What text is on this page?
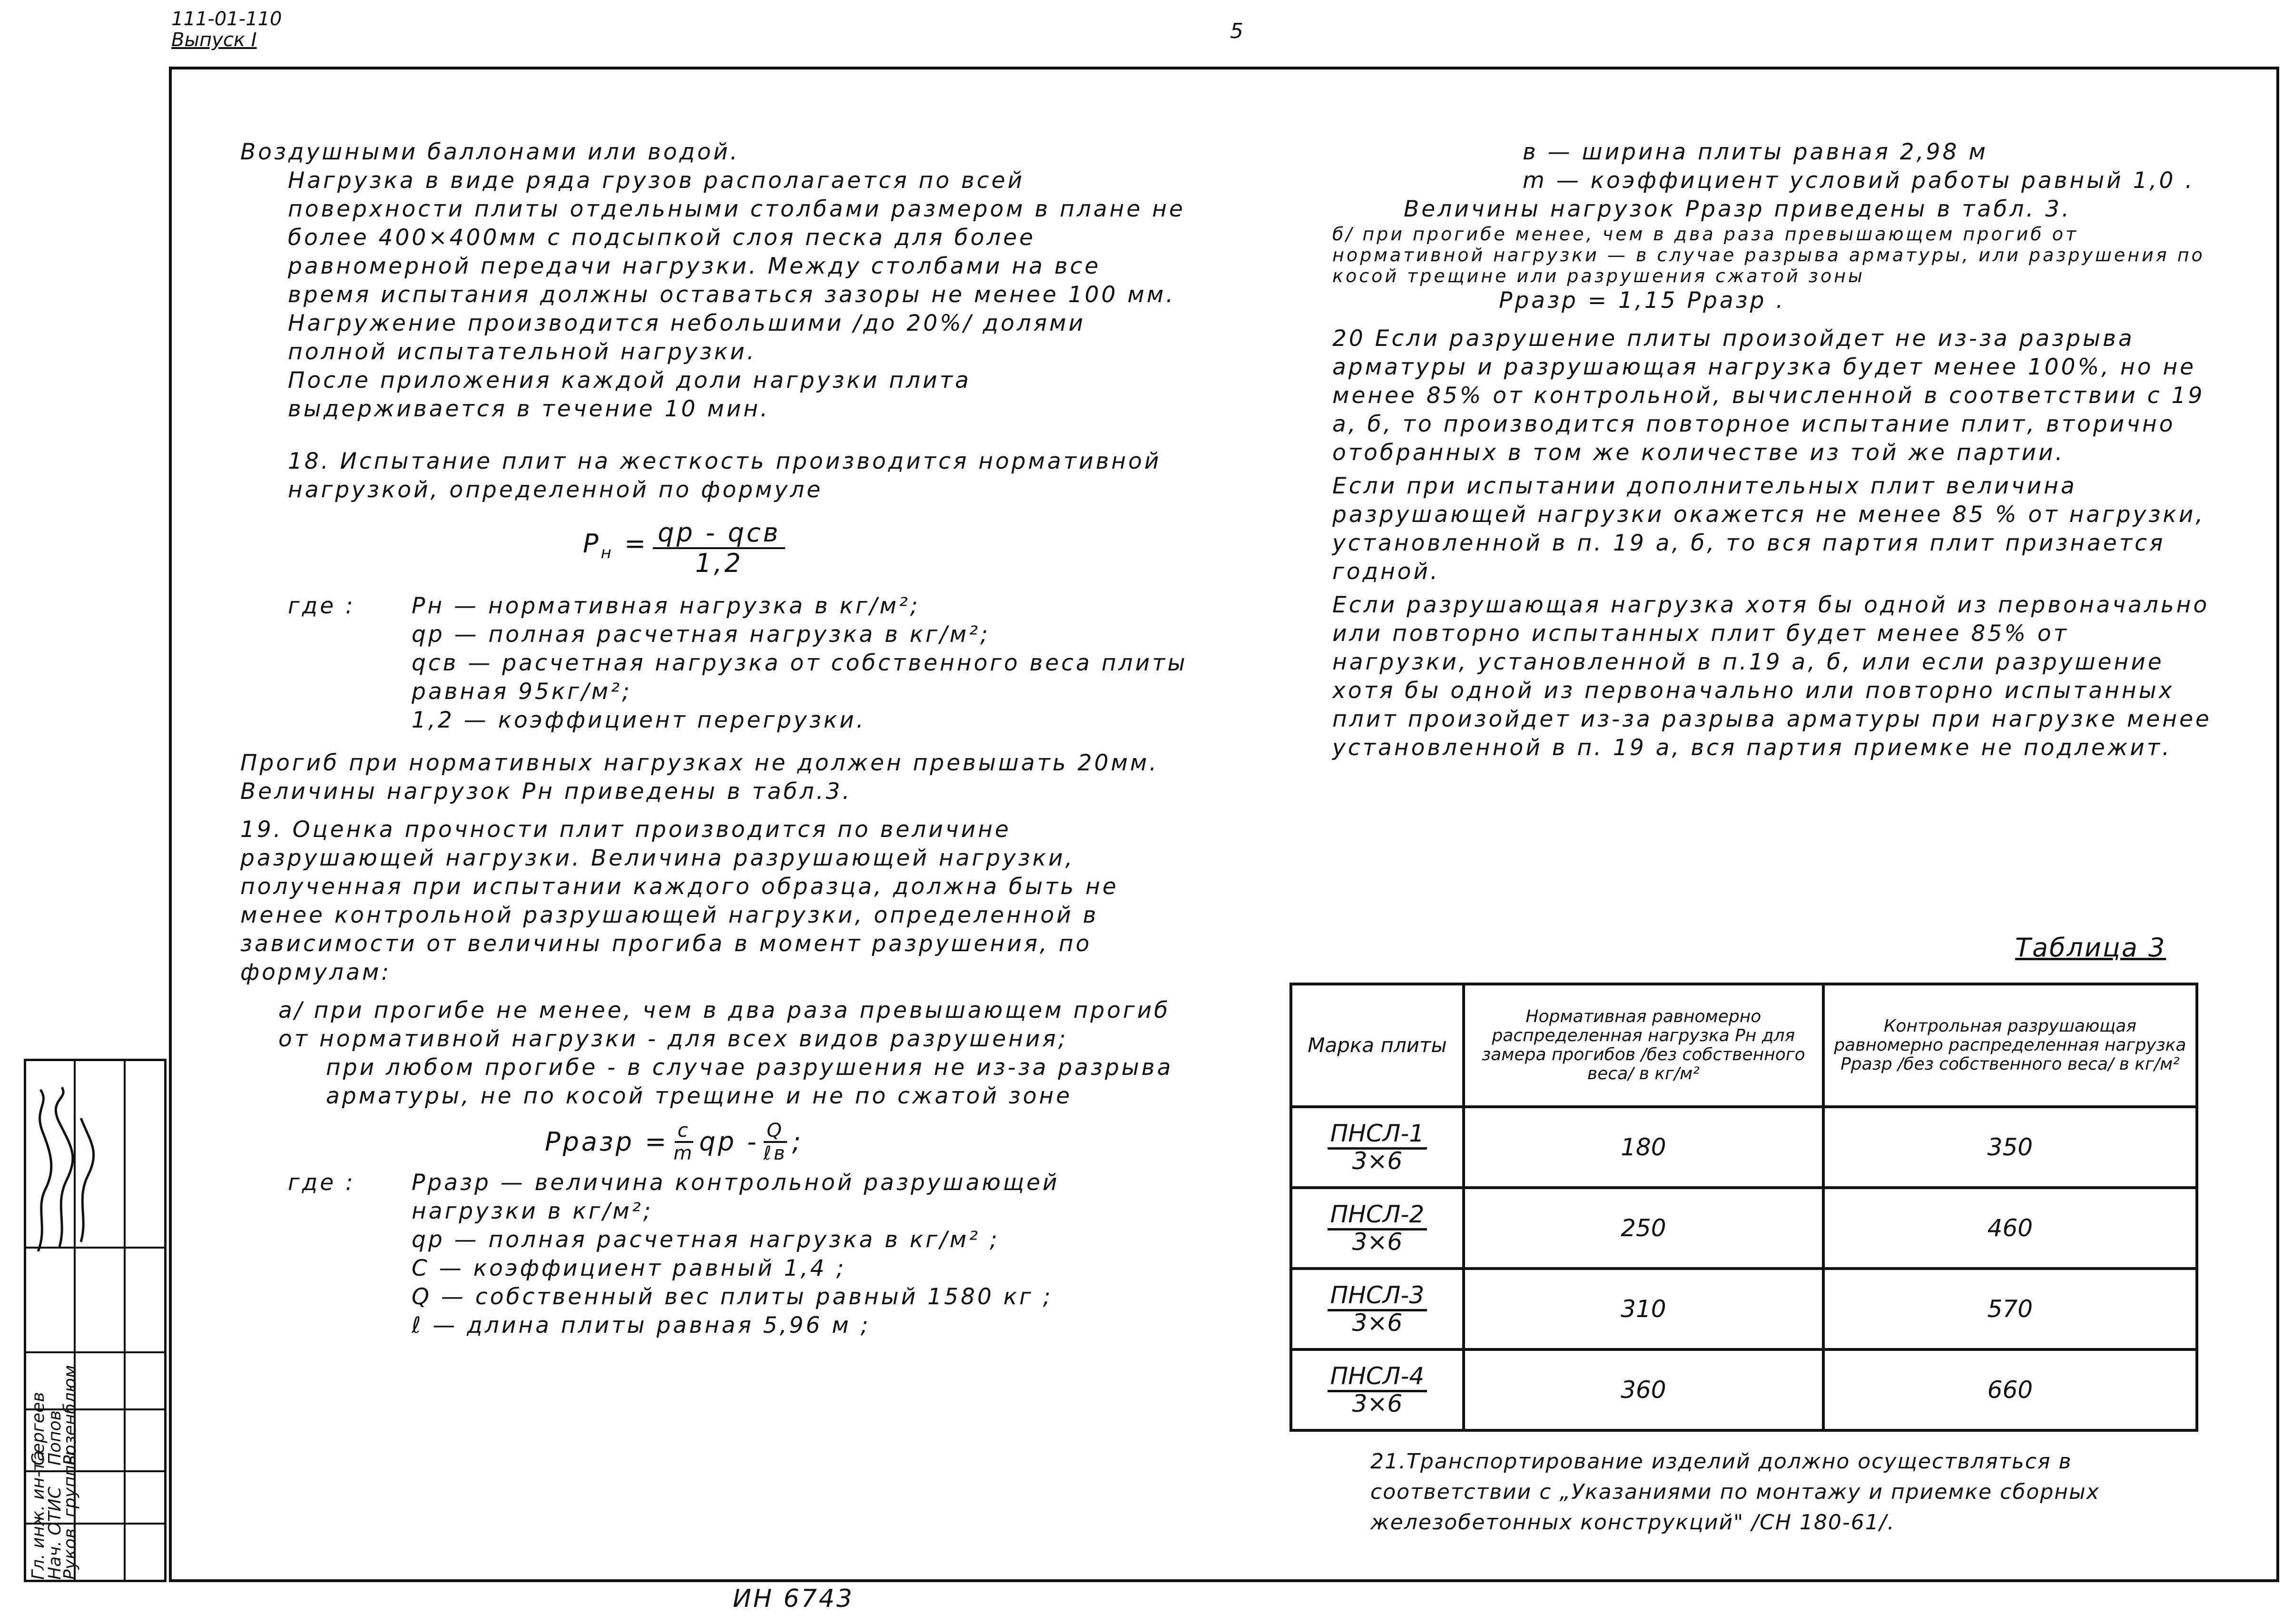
111-01-110
Выпуск I	5

Воздушными баллонами или водой.

Нагрузка в виде ряда грузов располагается по всей поверхности плиты отдельными столбами размером в плане не более 400×400мм с подсыпкой слоя песка для более равномерной передачи нагрузки. Между столбами на все время испытания должны оставаться зазоры не менее 100 мм.

Нагружение производится небольшими /до 20%/ долями полной испытательной нагрузки.

После приложения каждой доли нагрузки плита выдерживается в течение 10 мин.

18. Испытание плит на жесткость производится нормативной нагрузкой, определенной по формуле

$P_н$ = qp - qсв
1,2
где :	Pн — нормативная нагрузка в кг/м²;

qp — полная расчетная нагрузка в кг/м²;

qсв — расчетная нагрузка от собственного веса плиты равная 95кг/м²;

1,2 — коэффициент перегрузки.

Прогиб при нормативных нагрузках не должен превышать 20мм.

Величины нагрузок Pн приведены в табл.3.

19. Оценка прочности плит производится по величине разрушающей нагрузки. Величина разрушающей нагрузки, полученная при испытании каждого образца, должна быть не менее контрольной разрушающей нагрузки, определенной в зависимости от величины прогиба в момент разрушения, по формулам:

а/ при прогибе не менее, чем в два раза превышающем прогиб от нормативной нагрузки - для всех видов разрушения;

при любом прогибе - в случае разрушения не из-за разрыва арматуры, не по косой трещине и не по сжатой зоне

Pразр = $\frac{c}{m}$ qp - Q
ℓв ;
где :	Pразр — величина контрольной разрушающей нагрузки в кг/м²;

qp — полная расчетная нагрузка в кг/м² ;

C — коэффициент равный 1,4 ;

Q — собственный вес плиты равный 1580 кг ;

ℓ — длина плиты равная 5,96 м ;

в — ширина плиты равная 2,98 м

m — коэффициент условий работы равный 1,0 .

Величины нагрузок Pразр приведены в табл. 3.

б/ при прогибе менее, чем в два раза превышающем прогиб от нормативной нагрузки — в случае разрыва арматуры, или разрушения по косой трещине или разрушения сжатой зоны

Pразр = 1,15 Pразр .

20 Если разрушение плиты произойдет не из-за разрыва арматуры и разрушающая нагрузка будет менее 100%, но не менее 85% от контрольной, вычисленной в соответствии с 19 а, б, то производится повторное испытание плит, вторично отобранных в том же количестве из той же партии.

Если при испытании дополнительных плит величина разрушающей нагрузки окажется не менее 85 % от нагрузки, установленной в п. 19 а, б, то вся партия плит признается годной.

Если разрушающая нагрузка хотя бы одной из первоначально или повторно испытанных плит будет менее 85% от нагрузки, установленной в п.19 а, б, или если разрушение хотя бы одной из первоначально или повторно испытанных плит произойдет из-за разрыва арматуры при нагрузке менее установленной в п. 19 а, вся партия приемке не подлежит.

Таблица 3
Марка плиты	Нормативная равномерно распределенная нагрузка Pн для замера прогибов /без собственного веса/ в кг/м²	Контрольная разрушающая равномерно распределенная нагрузка Pразр /без собственного веса/ в кг/м²
ПНСЛ-1
3×6	180	350
ПНСЛ-2
3×6	250	460
ПНСЛ-3
3×6	310	570
ПНСЛ-4
3×6	360	660
21.Транспортирование изделий должно осуществляться в соответствии с „Указаниями по монтажу и приемке сборных железобетонных конструкций" /СН 180-61/.
Гл. инж. ин-та
Нач. ОТИС
Руков. группы
Сергеев
Попов
Розенблюм
ИН 6743
